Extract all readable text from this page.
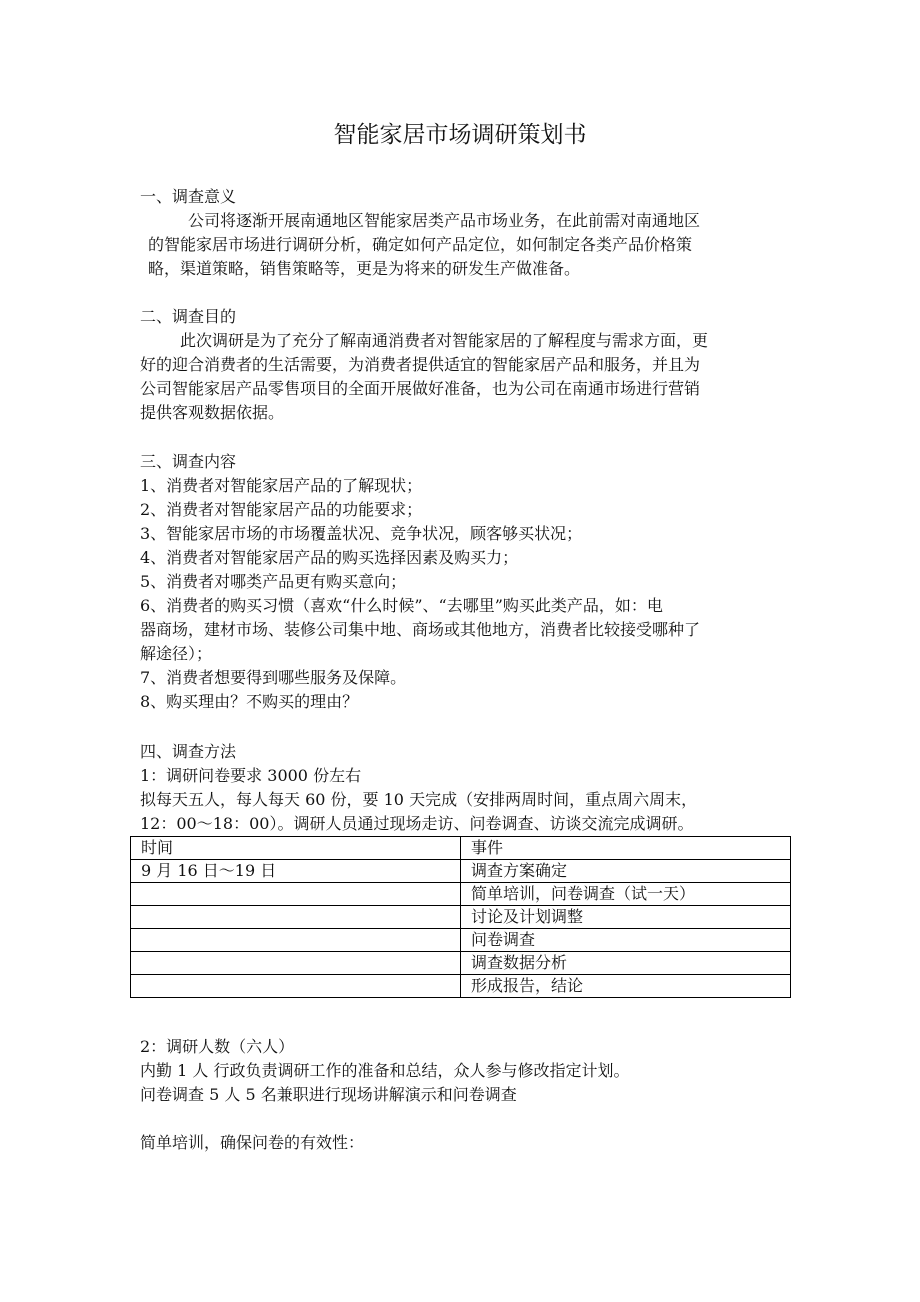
智能家居市场调研策划书
一、调查意义
公司将逐渐开展南通地区智能家居类产品市场业务，在此前需对南通地区
的智能家居市场进行调研分析，确定如何产品定位，如何制定各类产品价格策
略，渠道策略，销售策略等，更是为将来的研发生产做准备。
二、调查目的
此次调研是为了充分了解南通消费者对智能家居的了解程度与需求方面，更
好的迎合消费者的生活需要，为消费者提供适宜的智能家居产品和服务，并且为
公司智能家居产品零售项目的全面开展做好准备，也为公司在南通市场进行营销
提供客观数据依据。
三、调查内容
1、消费者对智能家居产品的了解现状；
2、消费者对智能家居产品的功能要求；
3、智能家居市场的市场覆盖状况、竞争状况，顾客够买状况；
4、消费者对智能家居产品的购买选择因素及购买力；
5、消费者对哪类产品更有购买意向；
6、消费者的购买习惯（喜欢“什么时候”、“去哪里”购买此类产品，如：电
器商场，建材市场、装修公司集中地、商场或其他地方，消费者比较接受哪种了
解途径）；
7、消费者想要得到哪些服务及保障。
8、购买理由？不购买的理由？
四、调查方法
1：调研问卷要求 3000 份左右
拟每天五人，每人每天 60 份，要 10 天完成（安排两周时间，重点周六周末，
12：00～18：00）。调研人员通过现场走访、问卷调查、访谈交流完成调研。
时间	事件
9 月 16 日～19 日	调查方案确定
	简单培训，问卷调查（试一天）
	讨论及计划调整
	问卷调查
	调查数据分析
	形成报告，结论
2：调研人数（六人）
内勤 1 人 行政负责调研工作的准备和总结，众人参与修改指定计划。
问卷调查 5 人 5 名兼职进行现场讲解演示和问卷调查
简单培训，确保问卷的有效性：
